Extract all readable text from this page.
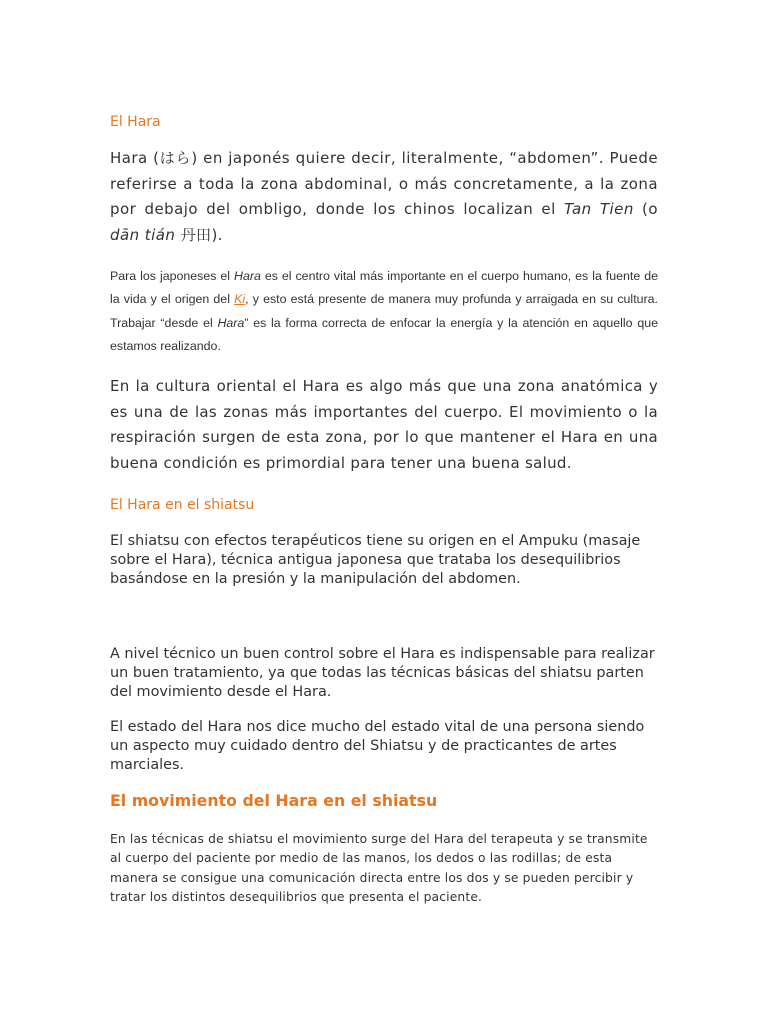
El Hara

Hara (はら) en japonés quiere decir, literalmente, “abdomen”. Puede referirse a toda la zona abdominal, o más concretamente, a la zona por debajo del ombligo, donde los chinos localizan el Tan Tien (o dān tián 丹田).

Para los japoneses el Hara es el centro vital más importante en el cuerpo humano, es la fuente de la vida y el origen del Ki, y esto está presente de manera muy profunda y arraigada en su cultura. Trabajar “desde el Hara” es la forma correcta de enfocar la energía y la atención en aquello que estamos realizando.

En la cultura oriental el Hara es algo más que una zona anatómica y es una de las zonas más importantes del cuerpo. El movimiento o la respiración surgen de esta zona, por lo que mantener el Hara en una buena condición es primordial para tener una buena salud.

El Hara en el shiatsu

El shiatsu con efectos terapéuticos tiene su origen en el Ampuku (masaje sobre el Hara), técnica antigua japonesa que trataba los desequilibrios basándose en la presión y la manipulación del abdomen.

A nivel técnico un buen control sobre el Hara es indispensable para realizar un buen tratamiento, ya que todas las técnicas básicas del shiatsu parten del movimiento desde el Hara.

El estado del Hara nos dice mucho del estado vital de una persona siendo un aspecto muy cuidado dentro del Shiatsu y de practicantes de artes marciales.

El movimiento del Hara en el shiatsu

En las técnicas de shiatsu el movimiento surge del Hara del terapeuta y se transmite al cuerpo del paciente por medio de las manos, los dedos o las rodillas; de esta manera se consigue una comunicación directa entre los dos y se pueden percibir y tratar los distintos desequilibrios que presenta el paciente.
